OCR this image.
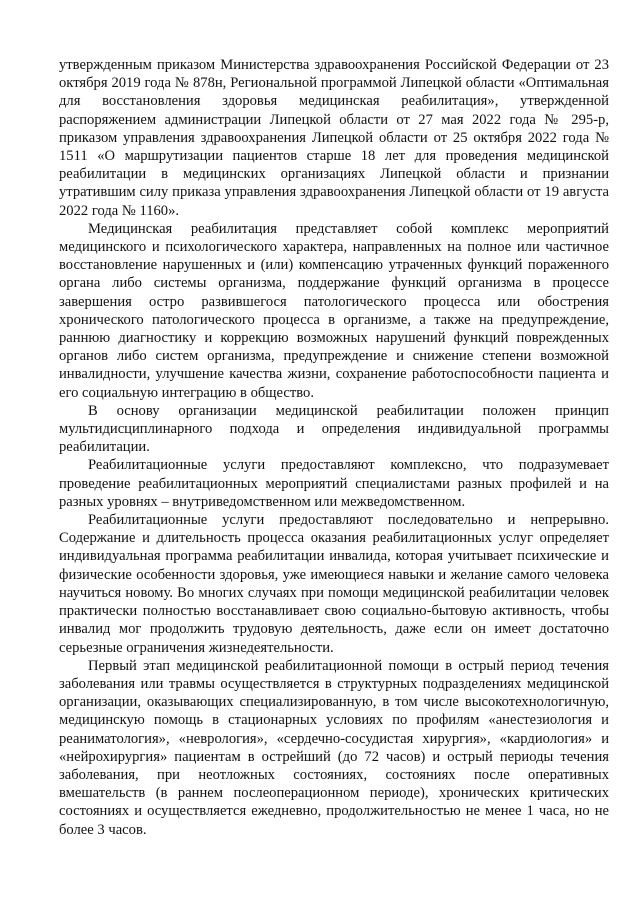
утвержденным приказом Министерства здравоохранения Российской Федерации от 23 октября 2019 года № 878н, Региональной программой Липецкой области «Оптимальная для восстановления здоровья медицинская реабилитация», утвержденной распоряжением администрации Липецкой области от 27 мая 2022 года № 295-р, приказом управления здравоохранения Липецкой области от 25 октября 2022 года № 1511 «О маршрутизации пациентов старше 18 лет для проведения медицинской реабилитации в медицинских организациях Липецкой области и признании утратившим силу приказа управления здравоохранения Липецкой области от 19 августа 2022 года № 1160».

Медицинская реабилитация представляет собой комплекс мероприятий медицинского и психологического характера, направленных на полное или частичное восстановление нарушенных и (или) компенсацию утраченных функций пораженного органа либо системы организма, поддержание функций организма в процессе завершения остро развившегося патологического процесса или обострения хронического патологического процесса в организме, а также на предупреждение, раннюю диагностику и коррекцию возможных нарушений функций поврежденных органов либо систем организма, предупреждение и снижение степени возможной инвалидности, улучшение качества жизни, сохранение работоспособности пациента и его социальную интеграцию в общество.

В основу организации медицинской реабилитации положен принцип мультидисциплинарного подхода и определения индивидуальной программы реабилитации.

Реабилитационные услуги предоставляют комплексно, что подразумевает проведение реабилитационных мероприятий специалистами разных профилей и на разных уровнях – внутриведомственном или межведомственном.

Реабилитационные услуги предоставляют последовательно и непрерывно. Содержание и длительность процесса оказания реабилитационных услуг определяет индивидуальная программа реабилитации инвалида, которая учитывает психические и физические особенности здоровья, уже имеющиеся навыки и желание самого человека научиться новому. Во многих случаях при помощи медицинской реабилитации человек практически полностью восстанавливает свою социально-бытовую активность, чтобы инвалид мог продолжить трудовую деятельность, даже если он имеет достаточно серьезные ограничения жизнедеятельности.

Первый этап медицинской реабилитационной помощи в острый период течения заболевания или травмы осуществляется в структурных подразделениях медицинской организации, оказывающих специализированную, в том числе высокотехнологичную, медицинскую помощь в стационарных условиях по профилям «анестезиология и реаниматология», «неврология», «сердечно-сосудистая хирургия», «кардиология» и «нейрохирургия» пациентам в острейший (до 72 часов) и острый периоды течения заболевания, при неотложных состояниях, состояниях после оперативных вмешательств (в раннем послеоперационном периоде), хронических критических состояниях и осуществляется ежедневно, продолжительностью не менее 1 часа, но не более 3 часов.
